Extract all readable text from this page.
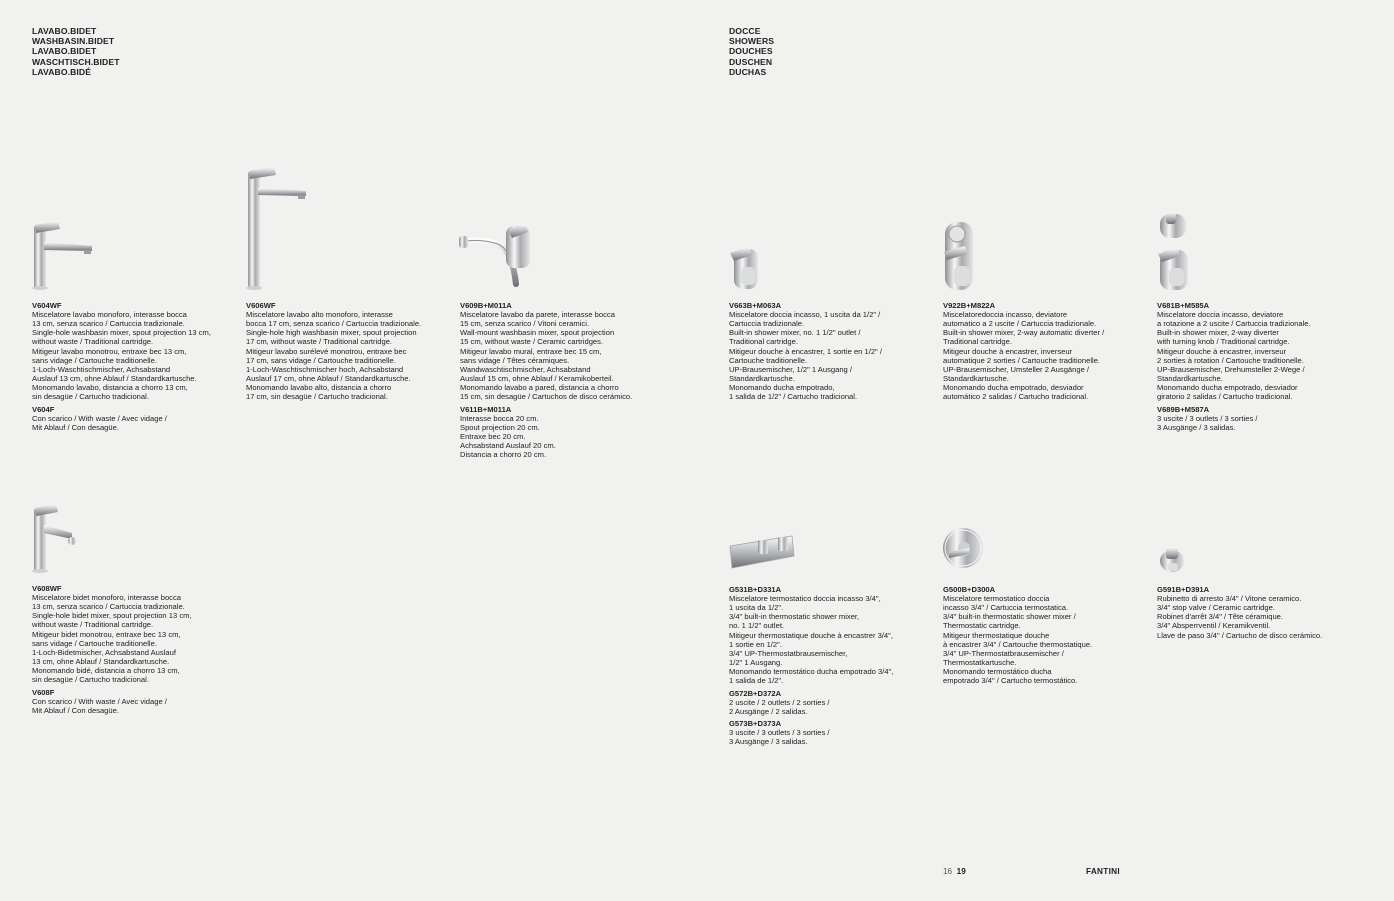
LAVABO.BIDET
WASHBASIN.BIDET
LAVABO.BIDET
WASCHTISCH.BIDET
LAVABO.BIDÉ
DOCCE
SHOWERS
DOUCHES
DUSCHEN
DUCHAS
V604WF
Miscelatore lavabo monoforo, interasse bocca
13 cm, senza scarico / Cartuccia tradizionale.
Single-hole washbasin mixer, spout projection 13 cm,
without waste / Traditional cartridge.
Mitigeur lavabo monotrou, entraxe bec 13 cm,
sans vidage / Cartouche traditionelle.
1-Loch-Waschtischmischer, Achsabstand
Auslauf 13 cm, ohne Ablauf / Standardkartusche.
Monomando lavabo, distancia a chorro 13 cm,
sin desagüe / Cartucho tradicional.
V604F
Con scarico / With waste / Avec vidage /
Mit Ablauf / Con desagüe.
V606WF
Miscelatore lavabo alto monoforo, interasse
bocca 17 cm, senza scarico / Cartuccia tradizionale.
Single-hole high washbasin mixer, spout projection
17 cm, without waste / Traditional cartridge.
Mitigeur lavabo surélevé monotrou, entraxe bec
17 cm, sans vidage / Cartouche traditionelle.
1-Loch-Waschtischmischer hoch, Achsabstand
Auslauf 17 cm, ohne Ablauf / Standardkartusche.
Monomando lavabo alto, distancia a chorro
17 cm, sin desagüe / Cartucho tradicional.
V609B+M011A
Miscelatore lavabo da parete, interasse bocca
15 cm, senza scarico / Vitoni ceramici.
Wall-mount washbasin mixer, spout projection
15 cm, without waste / Ceramic cartridges.
Mitigeur lavabo mural, entraxe bec 15 cm,
sans vidage / Têtes céramiques.
Wandwaschtischmischer, Achsabstand
Auslauf 15 cm, ohne Ablauf / Keramikoberteil.
Monomando lavabo a pared, distancia a chorro
15 cm, sin desagüe / Cartuchos de disco cerámico.
V611B+M011A
Interasse bocca 20 cm.
Spout projection 20 cm.
Entraxe bec 20 cm.
Achsabstand Auslauf 20 cm.
Distancia a chorro 20 cm.
V608WF
Miscelatore bidet monoforo, interasse bocca
13 cm, senza scarico / Cartuccia tradizionale.
Single-hole bidet mixer, spout projection 13 cm,
without waste / Traditional cartridge.
Mitigeur bidet monotrou, entraxe bec 13 cm,
sans vidage / Cartouche traditionelle.
1-Loch-Bidetmischer, Achsabstand Auslauf
13 cm, ohne Ablauf / Standardkartusche.
Monomando bidé, distancia a chorro 13 cm,
sin desagüe / Cartucho tradicional.
V608F
Con scarico / With waste / Avec vidage /
Mit Ablauf / Con desagüe.
V663B+M063A
Miscelatore doccia incasso, 1 uscita da 1/2" /
Cartuccia tradizionale.
Built-in shower mixer, no. 1 1/2" outlet /
Traditional cartridge.
Mitigeur douche à encastrer, 1 sortie en 1/2" /
Cartouche traditionelle.
UP-Brausemischer, 1/2" 1 Ausgang /
Standardkartusche.
Monomando ducha empotrado,
1 salida de 1/2" / Cartucho tradicional.
V922B+M822A
Miscelatoredoccia incasso, deviatore
automatico a 2 uscite / Cartuccia tradizionale.
Built-in shower mixer, 2-way automatic diverter /
Traditional cartridge.
Mitigeur douche à encastrer, inverseur
automatique 2 sorties / Cartouche traditionelle.
UP-Brausemischer, Umsteller 2 Ausgänge /
Standardkartusche.
Monomando ducha empotrado, desviador
automático 2 salidas / Cartucho tradicional.
V681B+M585A
Miscelatore doccia incasso, deviatore
a rotazione a 2 uscite / Cartuccia tradizionale.
Built-in shower mixer, 2-way diverter
with turning knob / Traditional cartridge.
Mitigeur douche à encastrer, inverseur
2 sorties à rotation / Cartouche traditionelle.
UP-Brausemischer, Drehumsteller 2-Wege /
Standardkartusche.
Monomando ducha empotrado, desviador
giratorio 2 salidas / Cartucho tradicional.
V689B+M587A
3 uscite / 3 outlets / 3 sorties /
3 Ausgänge / 3 salidas.
G531B+D331A
Miscelatore termostatico doccia incasso 3/4",
1 uscita da 1/2".
3/4" built-in thermostatic shower mixer,
no. 1 1/2" outlet.
Mitigeur thermostatique douche à encastrer 3/4",
1 sortie en 1/2".
3/4" UP-Thermostatbrausemischer,
1/2" 1 Ausgang.
Monomando termostático ducha empotrado 3/4",
1 salida de 1/2".
G572B+D372A
2 uscite / 2 outlets / 2 sorties /
2 Ausgänge / 2 salidas.
G573B+D373A
3 uscite / 3 outlets / 3 sorties /
3 Ausgänge / 3 salidas.
G500B+D300A
Miscelatore termostatico doccia
incasso 3/4" / Cartuccia termostatica.
3/4" built-in thermostatic shower mixer /
Thermostatic cartridge.
Mitigeur thermostatique douche
à encastrer 3/4" / Cartouche thermostatique.
3/4" UP-Thermostatbrausemischer /
Thermostatkartusche.
Monomando termostático ducha
empotrado 3/4" / Cartucho termostático.
G591B+D391A
Rubinetto di arresto 3/4" / Vitone ceramico.
3/4" stop valve / Ceramic cartridge.
Robinet d'arrêt 3/4" / Tête céramique.
3/4" Absperrventil / Keramikventil.
Llave de paso 3/4" / Cartucho de disco cerámico.
16 19	FANTINI
